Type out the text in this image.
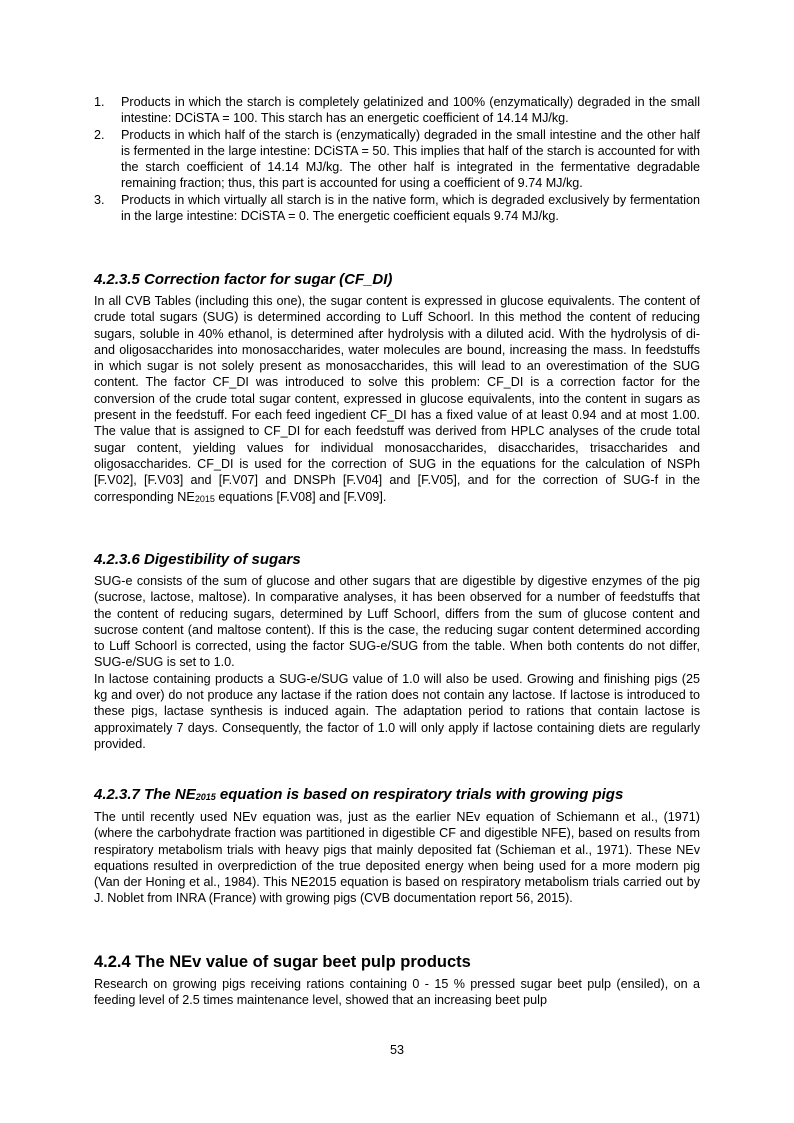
1. Products in which the starch is completely gelatinized and 100% (enzymatically) degraded in the small intestine: DCiSTA = 100. This starch has an energetic coefficient of 14.14 MJ/kg.
2. Products in which half of the starch is (enzymatically) degraded in the small intestine and the other half is fermented in the large intestine: DCiSTA = 50. This implies that half of the starch is accounted for with the starch coefficient of 14.14 MJ/kg. The other half is integrated in the fermentative degradable remaining fraction; thus, this part is accounted for using a coefficient of 9.74 MJ/kg.
3. Products in which virtually all starch is in the native form, which is degraded exclusively by fermentation in the large intestine: DCiSTA = 0. The energetic coefficient equals 9.74 MJ/kg.
4.2.3.5 Correction factor for sugar (CF_DI)

In all CVB Tables (including this one), the sugar content is expressed in glucose equivalents. The content of crude total sugars (SUG) is determined according to Luff Schoorl. In this method the content of reducing sugars, soluble in 40% ethanol, is determined after hydrolysis with a diluted acid. With the hydrolysis of di- and oligosaccharides into monosaccharides, water molecules are bound, increasing the mass. In feedstuffs in which sugar is not solely present as monosaccharides, this will lead to an overestimation of the SUG content. The factor CF_DI was introduced to solve this problem: CF_DI is a correction factor for the conversion of the crude total sugar content, expressed in glucose equivalents, into the content in sugars as present in the feedstuff. For each feed ingedient CF_DI has a fixed value of at least 0.94 and at most 1.00. The value that is assigned to CF_DI for each feedstuff was derived from HPLC analyses of the crude total sugar content, yielding values for individual monosaccharides, disaccharides, trisaccharides and oligosaccharides. CF_DI is used for the correction of SUG in the equations for the calculation of NSPh [F.V02], [F.V03] and [F.V07] and DNSPh [F.V04] and [F.V05], and for the correction of SUG-f in the corresponding $NE_{2015}$ equations [F.V08] and [F.V09].

4.2.3.6 Digestibility of sugars

SUG-e consists of the sum of glucose and other sugars that are digestible by digestive enzymes of the pig (sucrose, lactose, maltose). In comparative analyses, it has been observed for a number of feedstuffs that the content of reducing sugars, determined by Luff Schoorl, differs from the sum of glucose content and sucrose content (and maltose content). If this is the case, the reducing sugar content determined according to Luff Schoorl is corrected, using the factor SUG-e/SUG from the table. When both contents do not differ, SUG-e/SUG is set to 1.0.

In lactose containing products a SUG-e/SUG value of 1.0 will also be used. Growing and finishing pigs (25 kg and over) do not produce any lactase if the ration does not contain any lactose. If lactose is introduced to these pigs, lactase synthesis is induced again. The adaptation period to rations that contain lactose is approximately 7 days. Consequently, the factor of 1.0 will only apply if lactose containing diets are regularly provided.

4.2.3.7 The $NE_{2015}$ equation is based on respiratory trials with growing pigs

The until recently used NEv equation was, just as the earlier NEv equation of Schiemann et al., (1971) (where the carbohydrate fraction was partitioned in digestible CF and digestible NFE), based on results from respiratory metabolism trials with heavy pigs that mainly deposited fat (Schieman et al., 1971). These NEv equations resulted in overprediction of the true deposited energy when being used for a more modern pig (Van der Honing et al., 1984). This NE2015 equation is based on respiratory metabolism trials carried out by J. Noblet from INRA (France) with growing pigs (CVB documentation report 56, 2015).

4.2.4 The NEv value of sugar beet pulp products

Research on growing pigs receiving rations containing 0 - 15 % pressed sugar beet pulp (ensiled), on a feeding level of 2.5 times maintenance level, showed that an increasing beet pulp

53
